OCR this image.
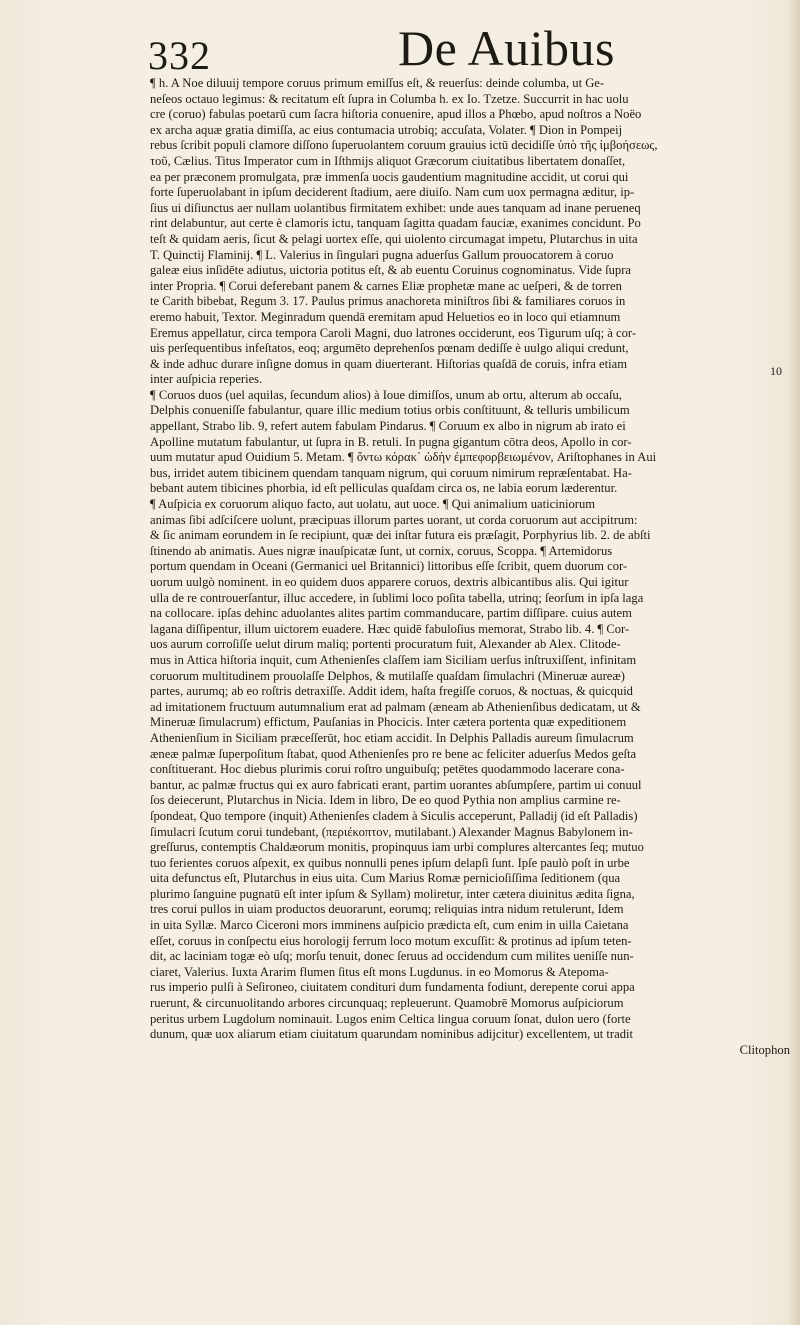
332	De Auibus
10
¶ h. A Noe diluuij tempore coruus primum emiſſus eſt, & reuerſus: deinde columba, ut Ge-
neſeos octauo legimus: & recitatum eſt ſupra in Columba h. ex Io. Tzetze. Succurrit in hac uolu
cre (coruo) fabulas poetarū cum ſacra hiſtoria conuenire, apud illos a Phœbo, apud noſtros a Noëo
ex archa aquæ gratia dimiſſa, ac eius contumacia utrobiq; accuſata, Volater. ¶ Dion in Pompeij
rebus ſcribit populi clamore diſſono ſuperuolantem coruum grauius ictū decidiſſe ὑπὸ τῆς ἰμβοήσεως,
τοῦ, Cælius. Titus Imperator cum in Iſthmijs aliquot Græcorum ciuitatibus libertatem donaſſet,
ea per præconem promulgata, præ immenſa uocis gaudentium magnitudine accidit, ut corui qui
forte ſuperuolabant in ipſum deciderent ſtadium, aere diuiſo. Nam cum uox permagna æditur, ip-
ſius ui diſiunctus aer nullam uolantibus firmitatem exhibet: unde aues tanquam ad inane perueneq
rint delabuntur, aut certe è clamoris ictu, tanquam ſagitta quadam fauciæ, exanimes concidunt. Po
teſt & quidam aeris, ſicut & pelagi uortex eſſe, qui uiolento circumagat impetu, Plutarchus in uita
T. Quinctij Flaminij. ¶ L. Valerius in ſingulari pugna aduerſus Gallum prouocatorem à coruo
galeæ eius inſidēte adiutus, uictoria potitus eſt, & ab euentu Coruinus cognominatus. Vide ſupra
inter Propria. ¶ Corui deferebant panem & carnes Eliæ prophetæ mane ac ueſperi, & de torren
te Carith bibebat, Regum 3. 17. Paulus primus anachoreta miniſtros ſibi & familiares coruos in
eremo habuit, Textor. Meginradum quendā eremitam apud Heluetios eo in loco qui etiamnum
Eremus appellatur, circa tempora Caroli Magni, duo latrones occiderunt, eos Tigurum uſq; à cor-
uis perſequentibus infeſtatos, eoq; argumēto deprehenſos pœnam dediſſe è uulgo aliqui credunt,
& inde adhuc durare inſigne domus in quam diuerterant. Hiſtorias quaſdā de coruis, infra etiam
inter auſpicia reperies.
¶ Coruos duos (uel aquilas, ſecundum alios) à Ioue dimiſſos, unum ab ortu, alterum ab occaſu,
Delphis conueniſſe fabulantur, quare illic medium totius orbis conſtituunt, & telluris umbilicum
appellant, Strabo lib. 9, refert autem fabulam Pindarus. ¶ Coruum ex albo in nigrum ab irato ei
Apolline mutatum fabulantur, ut ſupra in B. retuli. In pugna gigantum cōtra deos, Apollo in cor-
uum mutatur apud Ouidium 5. Metam. ¶ ὄντω κόρακ᾽ ὠδὴν ἐμπεφορβειωμένον, Ariſtophanes in Aui
bus, irridet autem tibicinem quendam tanquam nigrum, qui coruum nimirum repræſentabat. Ha-
bebant autem tibicines phorbia, id eſt pelliculas quaſdam circa os, ne labia eorum læderentur.
¶ Auſpicia ex coruorum aliquo facto, aut uolatu, aut uoce. ¶ Qui animalium uaticiniorum
animas ſibi adſciſcere uolunt, præcipuas illorum partes uorant, ut corda coruorum aut accipitrum:
& ſic animam eorundem in ſe recipiunt, quæ dei inſtar futura eis præſagit, Porphyrius lib. 2. de abſti
ſtinendo ab animatis. Aues nigræ inauſpicatæ ſunt, ut cornix, coruus, Scoppa. ¶ Artemidorus
portum quendam in Oceani (Germanici uel Britannici) littoribus eſſe ſcribit, quem duorum cor-
uorum uulgò nominent. in eo quidem duos apparere coruos, dextris albicantibus alis. Qui igitur
ulla de re controuerſantur, illuc accedere, in ſublimi loco poſita tabella, utrinq; ſeorſum in ipſa laga
na collocare. ipſas dehinc aduolantes alites partim commanducare, partim diſſipare. cuius autem
lagana diſſipentur, illum uictorem euadere. Hæc quidē fabuloſius memorat, Strabo lib. 4. ¶ Cor-
uos aurum corroſiſſe uelut dirum maliq; portenti procuratum fuit, Alexander ab Alex. Clitode-
mus in Attica hiſtoria inquit, cum Athenienſes claſſem iam Siciliam uerſus inſtruxiſſent, infinitam
coruorum multitudinem prouolaſſe Delphos, & mutilaſſe quaſdam ſimulachri (Mineruæ aureæ)
partes, aurumq; ab eo roſtris detraxiſſe. Addit idem, haſta fregiſſe coruos, & noctuas, & quicquid
ad imitationem fructuum autumnalium erat ad palmam (æneam ab Athenienſibus dedicatam, ut &
Mineruæ ſimulacrum) effictum, Pauſanias in Phocicis. Inter cætera portenta quæ expeditionem
Athenienſium in Siciliam præceſſerūt, hoc etiam accidit. In Delphis Palladis aureum ſimulacrum
æneæ palmæ ſuperpoſitum ſtabat, quod Athenienſes pro re bene ac feliciter aduerſus Medos geſta
conſtituerant. Hoc diebus plurimis corui roſtro unguibuſq; petētes quodammodo lacerare cona-
bantur, ac palmæ fructus qui ex auro fabricati erant, partim uorantes abſumpſere, partim ui conuul
ſos deiecerunt, Plutarchus in Nicia. Idem in libro, De eo quod Pythia non amplius carmine re-
ſpondeat, Quo tempore (inquit) Athenienſes cladem à Siculis acceperunt, Palladij (id eſt Palladis)
ſimulacri ſcutum corui tundebant, (περιέκοπτον, mutilabant.) Alexander Magnus Babylonem in-
greſſurus, contemptis Chaldæorum monitis, propinquus iam urbi complures altercantes ſeq; mutuo
tuo ferientes coruos aſpexit, ex quibus nonnulli penes ipſum delapſi ſunt. Ipſe paulò poſt in urbe
uita defunctus eſt, Plutarchus in eius uita. Cum Marius Romæ pernicioſiſſima ſeditionem (qua
plurimo ſanguine pugnatū eſt inter ipſum & Syllam) moliretur, inter cætera diuinitus ædita ſigna,
tres corui pullos in uiam productos deuorarunt, eorumq; reliquias intra nidum retulerunt, Idem
in uita Syllæ. Marco Ciceroni mors imminens auſpicio prædicta eſt, cum enim in uilla Caietana
eſſet, coruus in conſpectu eius horologij ferrum loco motum excuſſit: & protinus ad ipſum teten-
dit, ac laciniam togæ eò uſq; morſu tenuit, donec ſeruus ad occidendum cum milites ueniſſe nun-
ciaret, Valerius. Iuxta Ararim flumen ſitus eſt mons Lugdunus. in eo Momorus & Atepoma-
rus imperio pulſi à Seſironeo, ciuitatem condituri dum fundamenta fodiunt, derepente corui appa
ruerunt, & circunuolitando arbores circunquaq; repleuerunt. Quamobrē Momorus auſpiciorum
peritus urbem Lugdolum nominauit. Lugos enim Celtica lingua coruum ſonat, dulon uero (forte
dunum, quæ uox aliarum etiam ciuitatum quarundam nominibus adijcitur) excellentem, ut tradit
Clitophon
